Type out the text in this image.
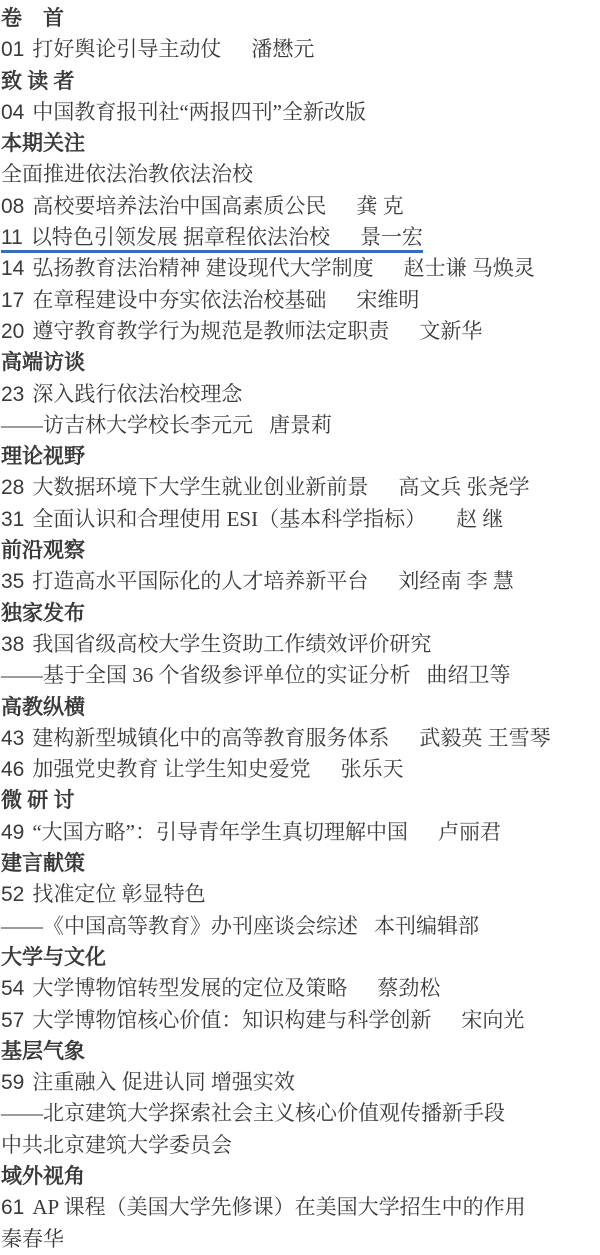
卷　首
01 打好舆论引导主动仗 潘懋元
致 读 者
04 中国教育报刊社“两报四刊”全新改版
本期关注
全面推进依法治教依法治校
08 高校要培养法治中国高素质公民 龚 克
11 以特色引领发展 据章程依法治校 景一宏
14 弘扬教育法治精神 建设现代大学制度 赵士谦 马焕灵
17 在章程建设中夯实依法治校基础 宋维明
20 遵守教育教学行为规范是教师法定职责 文新华
高端访谈
23 深入践行依法治校理念
——访吉林大学校长李元元 唐景莉
理论视野
28 大数据环境下大学生就业创业新前景 高文兵 张尧学
31 全面认识和合理使用 ESI（基本科学指标） 赵 继
前沿观察
35 打造高水平国际化的人才培养新平台 刘经南 李 慧
独家发布
38 我国省级高校大学生资助工作绩效评价研究
——基于全国 36 个省级参评单位的实证分析 曲绍卫等
高教纵横
43 建构新型城镇化中的高等教育服务体系 武毅英 王雪琴
46 加强党史教育 让学生知史爱党 张乐天
微 研 讨
49 “大国方略”：引导青年学生真切理解中国 卢丽君
建言献策
52 找准定位 彰显特色
——《中国高等教育》办刊座谈会综述 本刊编辑部
大学与文化
54 大学博物馆转型发展的定位及策略 蔡劲松
57 大学博物馆核心价值：知识构建与科学创新 宋向光
基层气象
59 注重融入 促进认同 增强实效
——北京建筑大学探索社会主义核心价值观传播新手段
中共北京建筑大学委员会
域外视角
61 AP 课程（美国大学先修课）在美国大学招生中的作用
秦春华
